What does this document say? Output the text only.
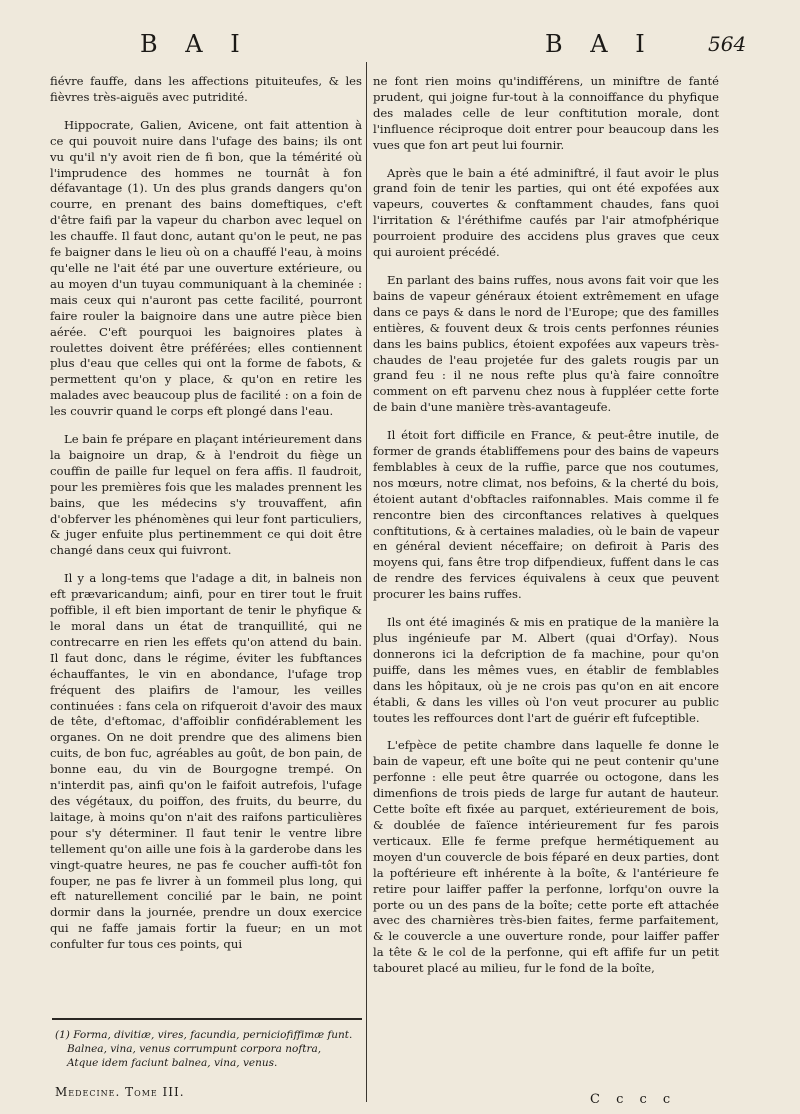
B A I	B A I	564

fiévre fauffe, dans les affections pituiteufes, & les fièvres très-aiguës avec putridité.

Hippocrate, Galien, Avicene, ont fait attention à ce qui pouvoit nuire dans l'ufage des bains; ils ont vu qu'il n'y avoit rien de fi bon, que la témérité où l'imprudence des hommes ne tournât à fon défavantage (1). Un des plus grands dangers qu'on courre, en prenant des bains domeftiques, c'eft d'être faifi par la vapeur du charbon avec lequel on les chauffe. Il faut donc, autant qu'on le peut, ne pas fe baigner dans le lieu où on a chauffé l'eau, à moins qu'elle ne l'ait été par une ouverture extérieure, ou au moyen d'un tuyau communiquant à la cheminée : mais ceux qui n'auront pas cette facilité, pourront faire rouler la baignoire dans une autre pièce bien aérée. C'eft pourquoi les baignoires plates à roulettes doivent être préférées; elles contiennent plus d'eau que celles qui ont la forme de fabots, & permettent qu'on y place, & qu'on en retire les malades avec beaucoup plus de facilité : on a foin de les couvrir quand le corps eft plongé dans l'eau.

Le bain fe prépare en plaçant intérieurement dans la baignoire un drap, & à l'endroit du fiège un couffin de paille fur lequel on fera affis. Il faudroit, pour les premières fois que les malades prennent les bains, que les médecins s'y trouvaffent, afin d'obferver les phénomènes qui leur font particuliers, & juger enfuite plus pertinemment ce qui doit être changé dans ceux qui fuivront.

Il y a long-tems que l'adage a dit, in balneis non eft prævaricandum; ainfi, pour en tirer tout le fruit poffible, il eft bien important de tenir le phyfique & le moral dans un état de tranquillité, qui ne contrecarre en rien les effets qu'on attend du bain. Il faut donc, dans le régime, éviter les fubftances échauffantes, le vin en abondance, l'ufage trop fréquent des plaifirs de l'amour, les veilles continuées : fans cela on rifqueroit d'avoir des maux de tête, d'eftomac, d'affoiblir confidérablement les organes. On ne doit prendre que des alimens bien cuits, de bon fuc, agréables au goût, de bon pain, de bonne eau, du vin de Bourgogne trempé. On n'interdit pas, ainfi qu'on le faifoit autrefois, l'ufage des végétaux, du poiffon, des fruits, du beurre, du laitage, à moins qu'on n'ait des raifons particulières pour s'y déterminer. Il faut tenir le ventre libre tellement qu'on aille une fois à la garderobe dans les vingt-quatre heures, ne pas fe coucher auffi-tôt fon fouper, ne pas fe livrer à un fommeil plus long, qui eft naturellement concilié par le bain, ne point dormir dans la journée, prendre un doux exercice qui ne faffe jamais fortir la fueur; en un mot confulter fur tous ces points, qui

ne font rien moins qu'indifférens, un miniftre de fanté prudent, qui joigne fur-tout à la connoiffance du phyfique des malades celle de leur conftitution morale, dont l'influence réciproque doit entrer pour beaucoup dans les vues que fon art peut lui fournir.

Après que le bain a été adminiftré, il faut avoir le plus grand foin de tenir les parties, qui ont été expofées aux vapeurs, couvertes & conftamment chaudes, fans quoi l'irritation & l'éréthifme caufés par l'air atmofphérique pourroient produire des accidens plus graves que ceux qui auroient précédé.

En parlant des bains ruffes, nous avons fait voir que les bains de vapeur généraux étoient extrêmement en ufage dans ce pays & dans le nord de l'Europe; que des familles entières, & fouvent deux & trois cents perfonnes réunies dans les bains publics, étoient expofées aux vapeurs très-chaudes de l'eau projetée fur des galets rougis par un grand feu : il ne nous refte plus qu'à faire connoître comment on eft parvenu chez nous à fuppléer cette forte de bain d'une manière très-avantageufe.

Il étoit fort difficile en France, & peut-être inutile, de former de grands établiffemens pour des bains de vapeurs femblables à ceux de la ruffie, parce que nos coutumes, nos mœurs, notre climat, nos befoins, & la cherté du bois, étoient autant d'obftacles raifonnables. Mais comme il fe rencontre bien des circonftances relatives à quelques conftitutions, & à certaines maladies, où le bain de vapeur en général devient néceffaire; on defiroit à Paris des moyens qui, fans être trop difpendieux, fuffent dans le cas de rendre des fervices équivalens à ceux que peuvent procurer les bains ruffes.

Ils ont été imaginés & mis en pratique de la manière la plus ingénieufe par M. Albert (quai d'Orfay). Nous donnerons ici la defcription de fa machine, pour qu'on puiffe, dans les mêmes vues, en établir de femblables dans les hôpitaux, où je ne crois pas qu'on en ait encore établi, & dans les villes où l'on veut procurer au public toutes les reffources dont l'art de guérir eft fufceptible.

L'efpèce de petite chambre dans laquelle fe donne le bain de vapeur, eft une boîte qui ne peut contenir qu'une perfonne : elle peut être quarrée ou octogone, dans les dimenfions de trois pieds de large fur autant de hauteur. Cette boîte eft fixée au parquet, extérieurement de bois, & doublée de faïence intérieurement fur fes parois verticaux. Elle fe ferme prefque hermétiquement au moyen d'un couvercle de bois féparé en deux parties, dont la poftérieure eft inhérente à la boîte, & l'antérieure fe retire pour laiffer paffer la perfonne, lorfqu'on ouvre la porte ou un des pans de la boîte; cette porte eft attachée avec des charnières très-bien faites, ferme parfaitement, & le couvercle a une ouverture ronde, pour laiffer paffer la tête & le col de la perfonne, qui eft affife fur un petit tabouret placé au milieu, fur le fond de la boîte,

(1) Forma, divitiæ, vires, facundia, perniciofiffimæ funt.
Balnea, vina, venus corrumpunt corpora noftra,
Atque idem faciunt balnea, vina, venus.
Medecine. Tome III.	C c c c
